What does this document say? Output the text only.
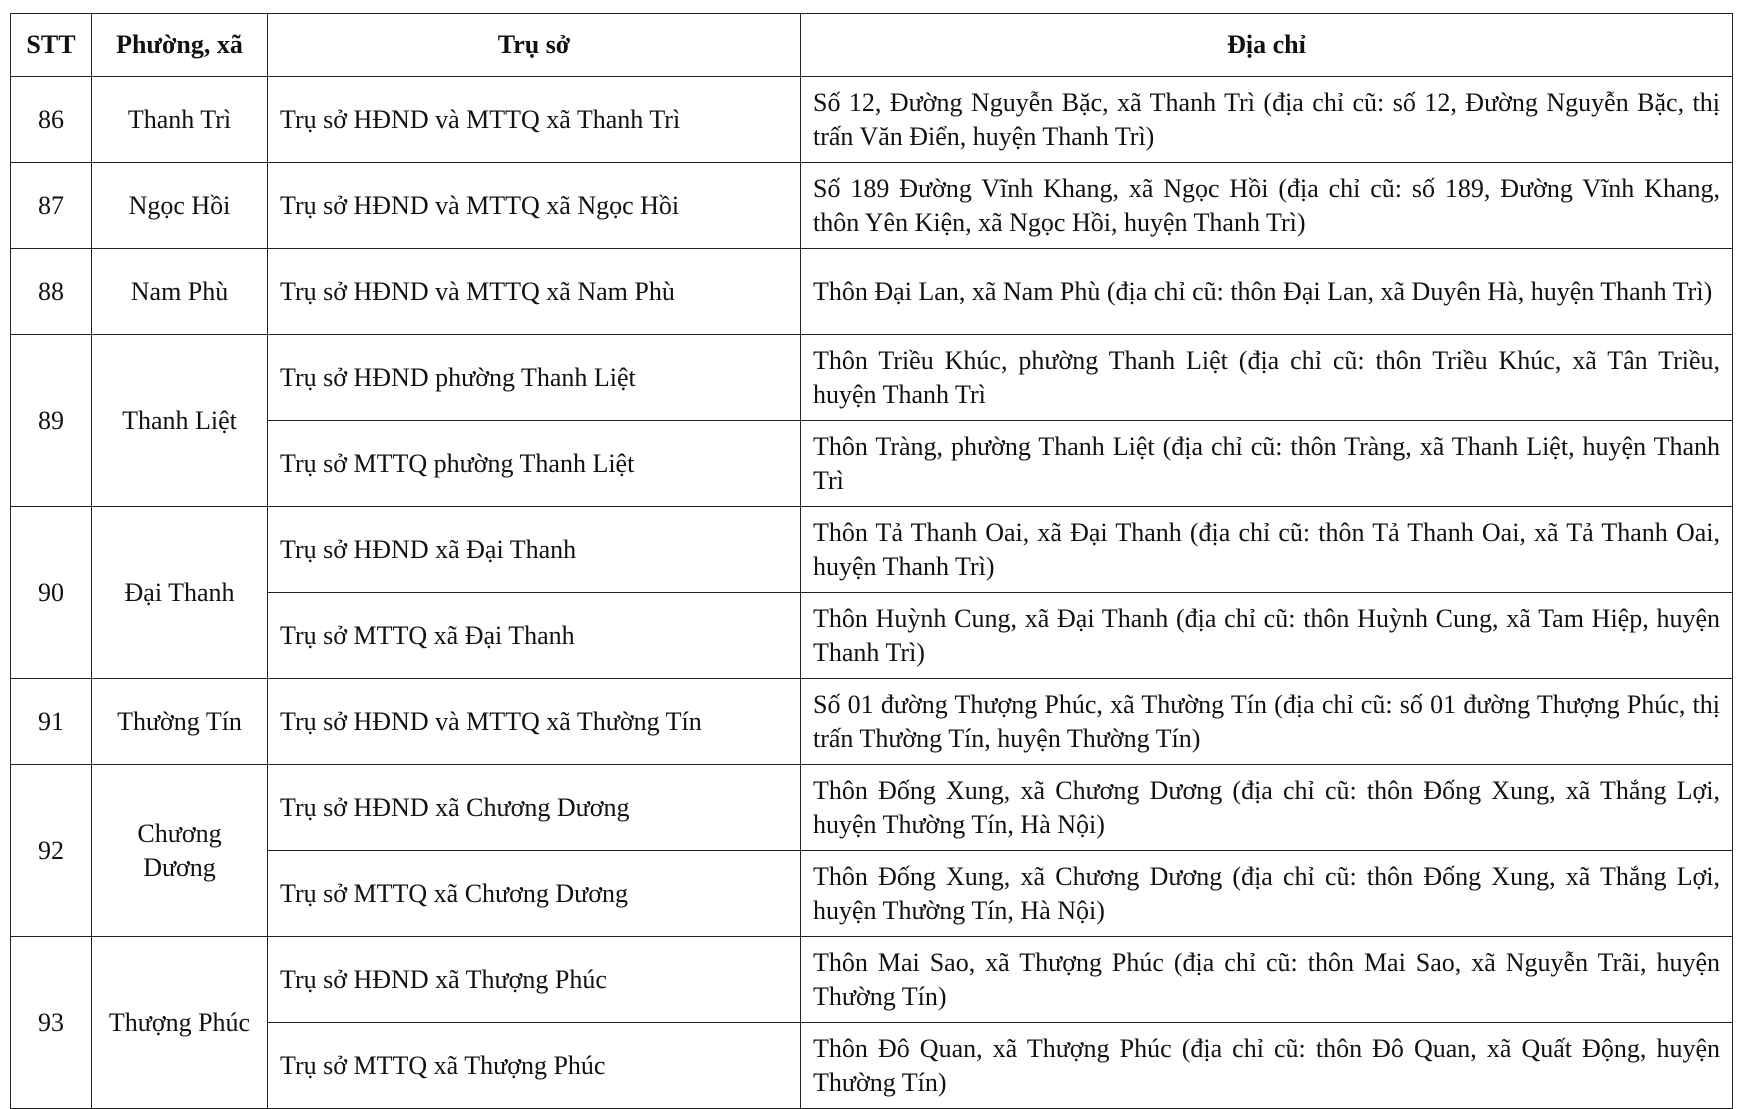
STT	Phường, xã	Trụ sở	Địa chỉ
86	Thanh Trì	Trụ sở HĐND và MTTQ xã Thanh Trì	Số 12, Đường Nguyễn Bặc, xã Thanh Trì (địa chỉ cũ: số 12, Đường Nguyễn Bặc, thị trấn Văn Điển, huyện Thanh Trì)
87	Ngọc Hồi	Trụ sở HĐND và MTTQ xã Ngọc Hồi	Số 189 Đường Vĩnh Khang, xã Ngọc Hồi (địa chỉ cũ: số 189, Đường Vĩnh Khang, thôn Yên Kiện, xã Ngọc Hồi, huyện Thanh Trì)
88	Nam Phù	Trụ sở HĐND và MTTQ xã Nam Phù	Thôn Đại Lan, xã Nam Phù (địa chỉ cũ: thôn Đại Lan, xã Duyên Hà, huyện Thanh Trì)
89	Thanh Liệt	Trụ sở HĐND phường Thanh Liệt	Thôn Triều Khúc, phường Thanh Liệt (địa chỉ cũ: thôn Triều Khúc, xã Tân Triều, huyện Thanh Trì
		Trụ sở MTTQ phường Thanh Liệt	Thôn Tràng, phường Thanh Liệt (địa chỉ cũ: thôn Tràng, xã Thanh Liệt, huyện Thanh Trì
90	Đại Thanh	Trụ sở HĐND xã Đại Thanh	Thôn Tả Thanh Oai, xã Đại Thanh (địa chỉ cũ: thôn Tả Thanh Oai, xã Tả Thanh Oai, huyện Thanh Trì)
		Trụ sở MTTQ xã Đại Thanh	Thôn Huỳnh Cung, xã Đại Thanh (địa chỉ cũ: thôn Huỳnh Cung, xã Tam Hiệp, huyện Thanh Trì)
91	Thường Tín	Trụ sở HĐND và MTTQ xã Thường Tín	Số 01 đường Thượng Phúc, xã Thường Tín (địa chỉ cũ: số 01 đường Thượng Phúc, thị trấn Thường Tín, huyện Thường Tín)
92	Chương Dương	Trụ sở HĐND xã Chương Dương	Thôn Đống Xung, xã Chương Dương (địa chỉ cũ: thôn Đống Xung, xã Thắng Lợi, huyện Thường Tín, Hà Nội)
		Trụ sở MTTQ xã Chương Dương	Thôn Đống Xung, xã Chương Dương (địa chỉ cũ: thôn Đống Xung, xã Thắng Lợi, huyện Thường Tín, Hà Nội)
93	Thượng Phúc	Trụ sở HĐND xã Thượng Phúc	Thôn Mai Sao, xã Thượng Phúc (địa chỉ cũ: thôn Mai Sao, xã Nguyễn Trãi, huyện Thường Tín)
		Trụ sở MTTQ xã Thượng Phúc	Thôn Đô Quan, xã Thượng Phúc (địa chỉ cũ: thôn Đô Quan, xã Quất Động, huyện Thường Tín)
